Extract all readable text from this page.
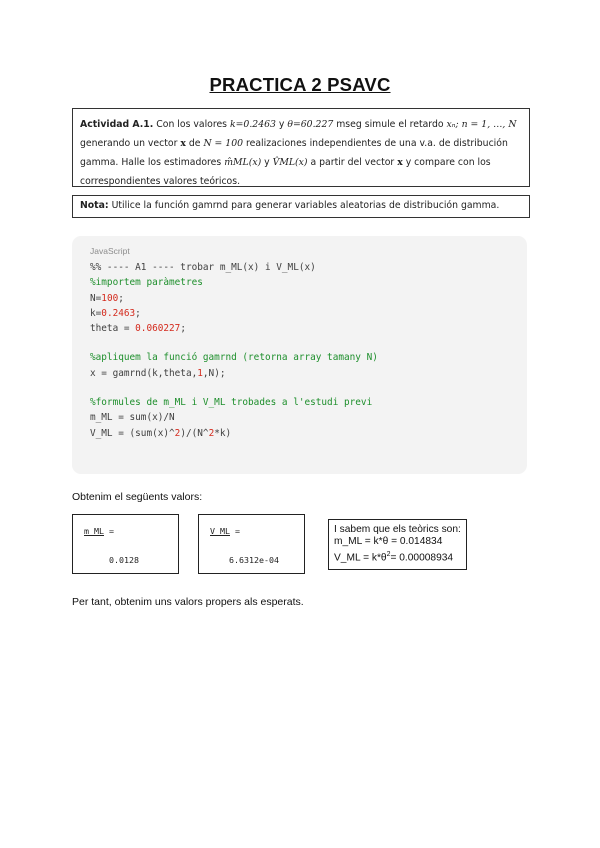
PRACTICA 2 PSAVC
Actividad A.1. Con los valores k=0.2463 y θ=60.227 mseg simule el retardo xₙ; n = 1, …, N
generando un vector x de N = 100 realizaciones independientes de una v.a. de distribución
gamma. Halle los estimadores m̂ML(x) y V̂ML(x) a partir del vector x y compare con los
correspondientes valores teóricos.
Nota: Utilice la función gamrnd para generar variables aleatorias de distribución gamma.
JavaScript
%% ---- A1 ---- trobar m_ML(x) i V_ML(x)
%importem paràmetres
N=100;
k=0.2463;
theta = 0.060227;
%apliquem la funció gamrnd (retorna array tamany N)
x = gamrnd(k,theta,1,N);
%formules de m_ML i V_ML trobades a l'estudi previ
m_ML = sum(x)/N
V_ML = (sum(x)^2)/(N^2*k)
Obtenim el següents valors:
m_ML =
0.0128
V_ML =
6.6312e-04
I sabem que els teòrics son:
m_ML = k*θ = 0.014834
V_ML = $k*\theta^2= 0.00008934$
Per tant, obtenim uns valors propers als esperats.
